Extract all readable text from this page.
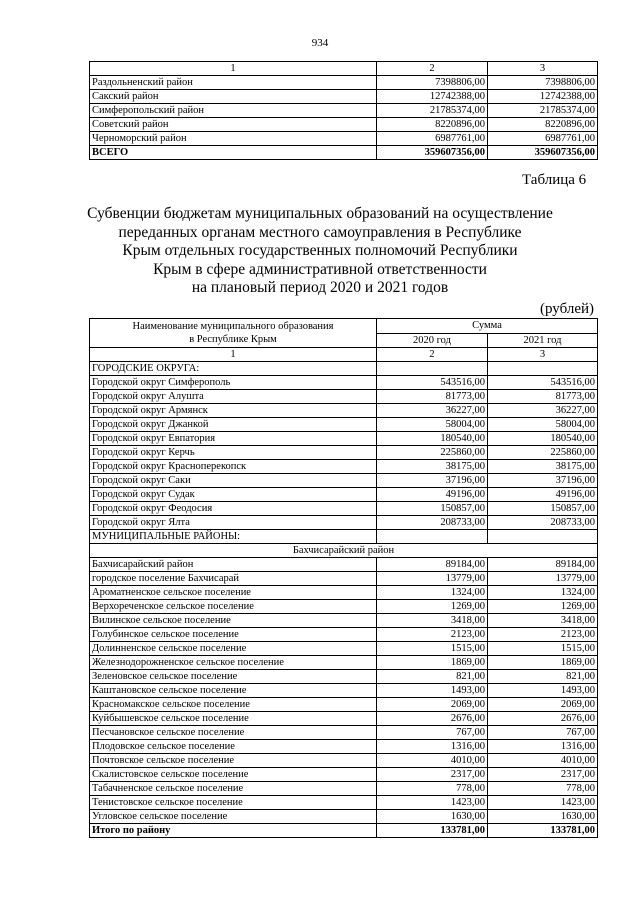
934
1	2	3
Раздольненский район	7398806,00	7398806,00
Сакский район	12742388,00	12742388,00
Симферопольский район	21785374,00	21785374,00
Советский район	8220896,00	8220896,00
Черноморский район	6987761,00	6987761,00
ВСЕГО	359607356,00	359607356,00
Таблица 6
Субвенции бюджетам муниципальных образований на осуществление
переданных органам местного самоуправления в Республике
Крым отдельных государственных полномочий Республики
Крым в сфере административной ответственности
на плановый период 2020 и 2021 годов
(рублей)
Наименование муниципального образования
в Республике Крым	Сумма	
	2020 год	2021 год
1	2	3
ГОРОДСКИЕ ОКРУГА:		
Городской округ Симферополь	543516,00	543516,00
Городской округ Алушта	81773,00	81773,00
Городской округ Армянск	36227,00	36227,00
Городской округ Джанкой	58004,00	58004,00
Городской округ Евпатория	180540,00	180540,00
Городской округ Керчь	225860,00	225860,00
Городской округ Красноперекопск	38175,00	38175,00
Городской округ Саки	37196,00	37196,00
Городской округ Судак	49196,00	49196,00
Городской округ Феодосия	150857,00	150857,00
Городской округ Ялта	208733,00	208733,00
МУНИЦИПАЛЬНЫЕ РАЙОНЫ:		
Бахчисарайский район		
Бахчисарайский район	89184,00	89184,00
городское поселение Бахчисарай	13779,00	13779,00
Ароматненское сельское поселение	1324,00	1324,00
Верхореченское сельское поселение	1269,00	1269,00
Вилинское сельское поселение	3418,00	3418,00
Голубинское сельское поселение	2123,00	2123,00
Долинненское сельское поселение	1515,00	1515,00
Железнодорожненское сельское поселение	1869,00	1869,00
Зеленовское сельское поселение	821,00	821,00
Каштановское сельское поселение	1493,00	1493,00
Красномакское сельское поселение	2069,00	2069,00
Куйбышевское сельское поселение	2676,00	2676,00
Песчановское сельское поселение	767,00	767,00
Плодовское сельское поселение	1316,00	1316,00
Почтовское сельское поселение	4010,00	4010,00
Скалистовское сельское поселение	2317,00	2317,00
Табачненское сельское поселение	778,00	778,00
Тенистовское сельское поселение	1423,00	1423,00
Угловское сельское поселение	1630,00	1630,00
Итого по району	133781,00	133781,00
